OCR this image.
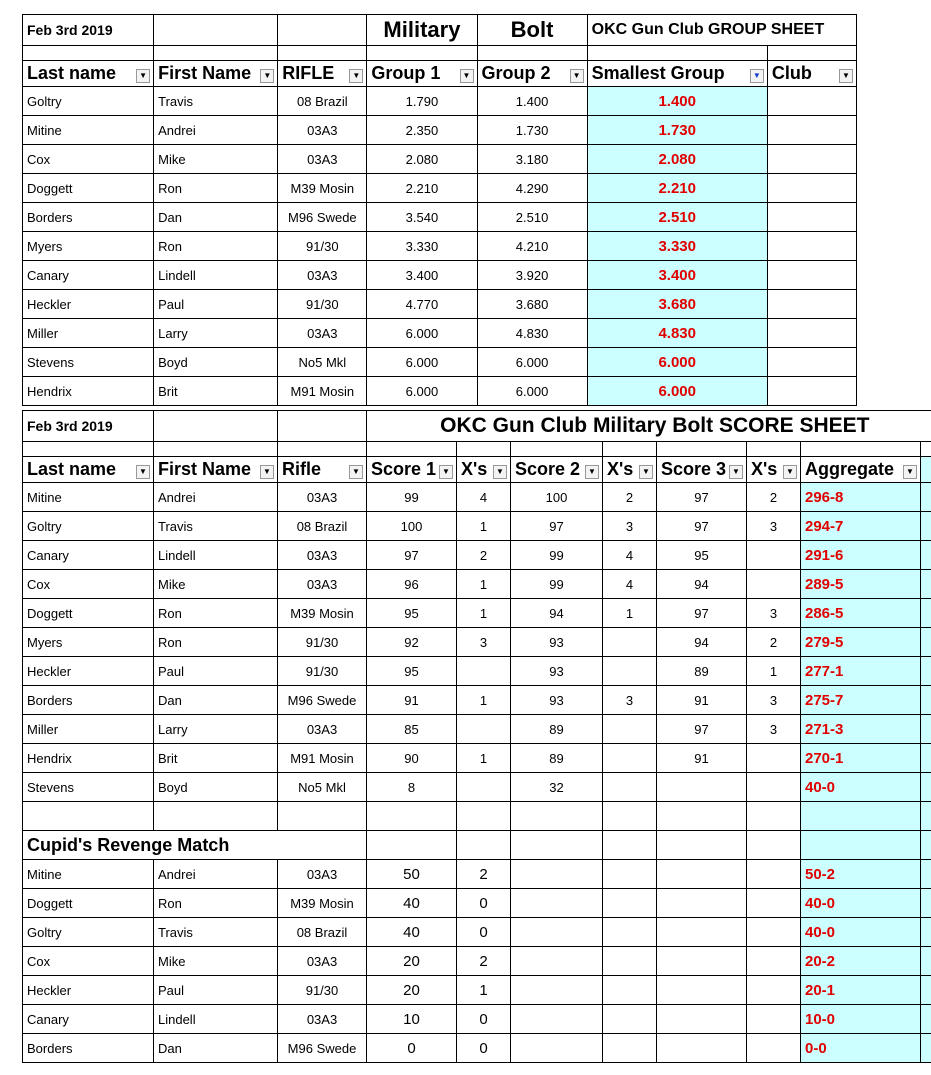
Feb 3rd 2019			Military	Bolt	OKC Gun Club GROUP SHEET	

Last name ▼	First Name ▼	RIFLE ▼	Group 1 ▼	Group 2 ▼	Smallest Group ▼	Club ▼

Goltry	Travis	08 Brazil	1.790	1.400	1.400	
Mitine	Andrei	03A3	2.350	1.730	1.730	
Cox	Mike	03A3	2.080	3.180	2.080	
Doggett	Ron	M39 Mosin	2.210	4.290	2.210	
Borders	Dan	M96 Swede	3.540	2.510	2.510	
Myers	Ron	91/30	3.330	4.210	3.330	
Canary	Lindell	03A3	3.400	3.920	3.400	
Heckler	Paul	91/30	4.770	3.680	3.680	
Miller	Larry	03A3	6.000	4.830	4.830	
Stevens	Boyd	No5 Mkl	6.000	6.000	6.000	
Hendrix	Brit	M91 Mosin	6.000	6.000	6.000	
Feb 3rd 2019			OKC Gun Club Military Bolt SCORE SHEET							

Last name ▼	First Name ▼	Rifle ▼	Score 1 ▼	X's ▼	Score 2 ▼	X's ▼	Score 3 ▼	X's ▼	Aggregate ▼	

Mitine	Andrei	03A3	99	4	100	2	97	2	296-8	
Goltry	Travis	08 Brazil	100	1	97	3	97	3	294-7	
Canary	Lindell	03A3	97	2	99	4	95		291-6	
Cox	Mike	03A3	96	1	99	4	94		289-5	
Doggett	Ron	M39 Mosin	95	1	94	1	97	3	286-5	
Myers	Ron	91/30	92	3	93		94	2	279-5	
Heckler	Paul	91/30	95		93		89	1	277-1	
Borders	Dan	M96 Swede	91	1	93	3	91	3	275-7	
Miller	Larry	03A3	85		89		97	3	271-3	
Hendrix	Brit	M91 Mosin	90	1	89		91		270-1	
Stevens	Boyd	No5 Mkl	8		32				40-0	

Cupid's Revenge Match										
Mitine	Andrei	03A3	50	2					50-2	
Doggett	Ron	M39 Mosin	40	0					40-0	
Goltry	Travis	08 Brazil	40	0					40-0	
Cox	Mike	03A3	20	2					20-2	
Heckler	Paul	91/30	20	1					20-1	
Canary	Lindell	03A3	10	0					10-0	
Borders	Dan	M96 Swede	0	0					0-0	
